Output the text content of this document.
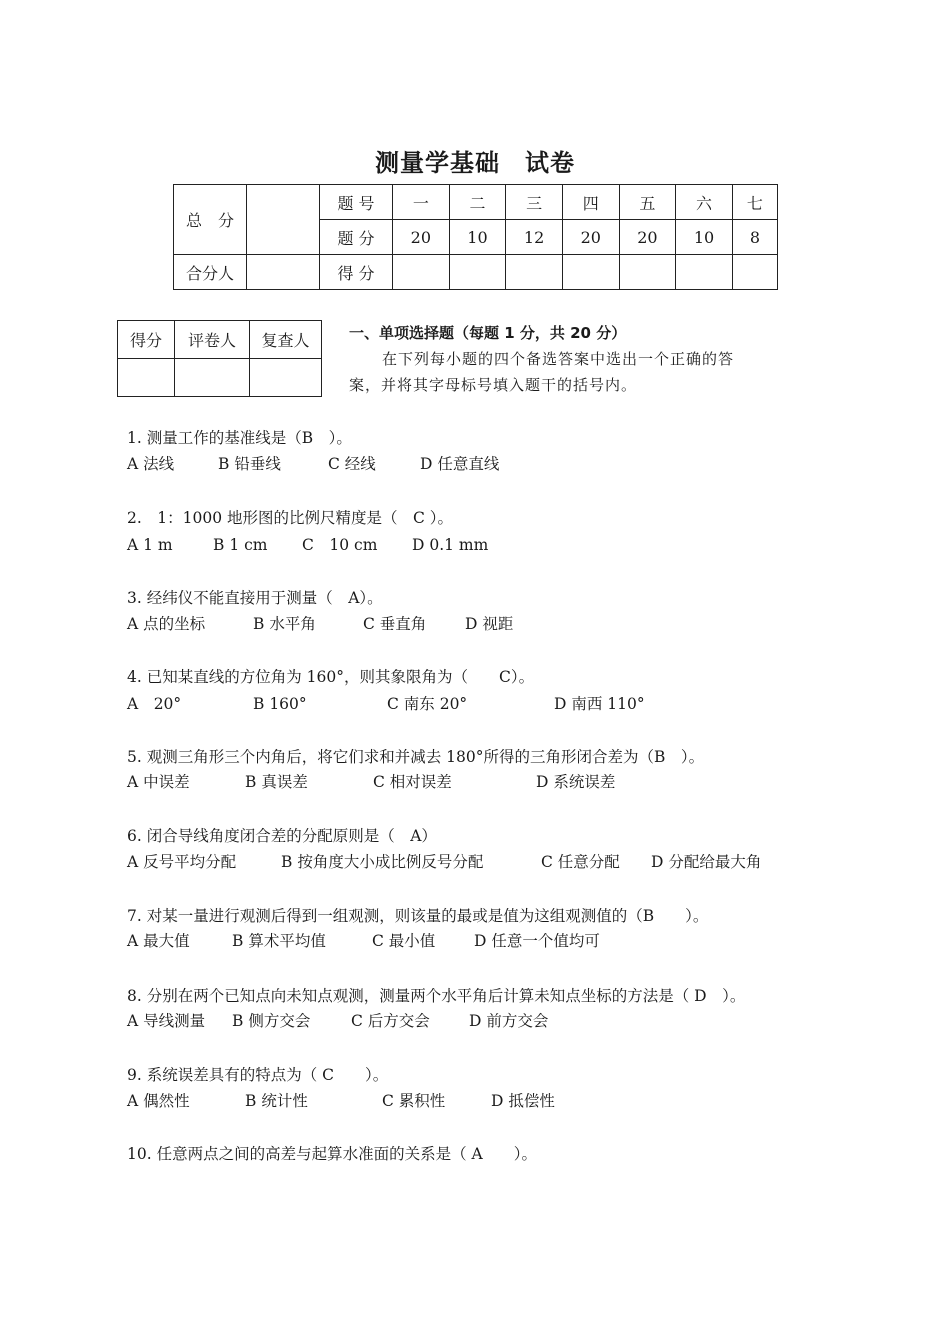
测量学基础　试卷
总　分		题 号	一	二	三	四	五	六	七
		题 分	20	10	12	20	20	10	8
合分人		得 分							
得分	评卷人	复查人
			一、单项选择题（每题 1 分，共 20 分）
在下列每小题的四个备选答案中选出一个正确的答
案，并将其字母标号填入题干的括号内。
1. 测量工作的基准线是（B　）。
A 法线	B 铅垂线	C 经线	D 任意直线
2.　1：1000 地形图的比例尺精度是（　C ）。
A 1 m	B 1 cm C　10 cm D 0.1 mm
3. 经纬仪不能直接用于测量（　A）。
A 点的坐标	B 水平角	C 垂直角 D 视距
4. 已知某直线的方位角为 160°，则其象限角为（　　C）。
A　20°	B 160°	C 南东 20°	D 南西 110°
5. 观测三角形三个内角后，将它们求和并减去 180°所得的三角形闭合差为（B　）。
A 中误差	B 真误差	C 相对误差	D 系统误差
6. 闭合导线角度闭合差的分配原则是（　A）
A 反号平均分配	B 按角度大小成比例反号分配	C 任意分配 D 分配给最大角
7. 对某一量进行观测后得到一组观测，则该量的最或是值为这组观测值的（B　　）。
A 最大值	B 算术平均值	C 最小值 D 任意一个值均可
8. 分别在两个已知点向未知点观测，测量两个水平角后计算未知点坐标的方法是（ D　）。
A 导线测量 B 侧方交会	C 后方交会	D 前方交会
9. 系统误差具有的特点为（ C　　）。
A 偶然性	B 统计性	C 累积性	D 抵偿性
10. 任意两点之间的高差与起算水准面的关系是（ A　　）。
